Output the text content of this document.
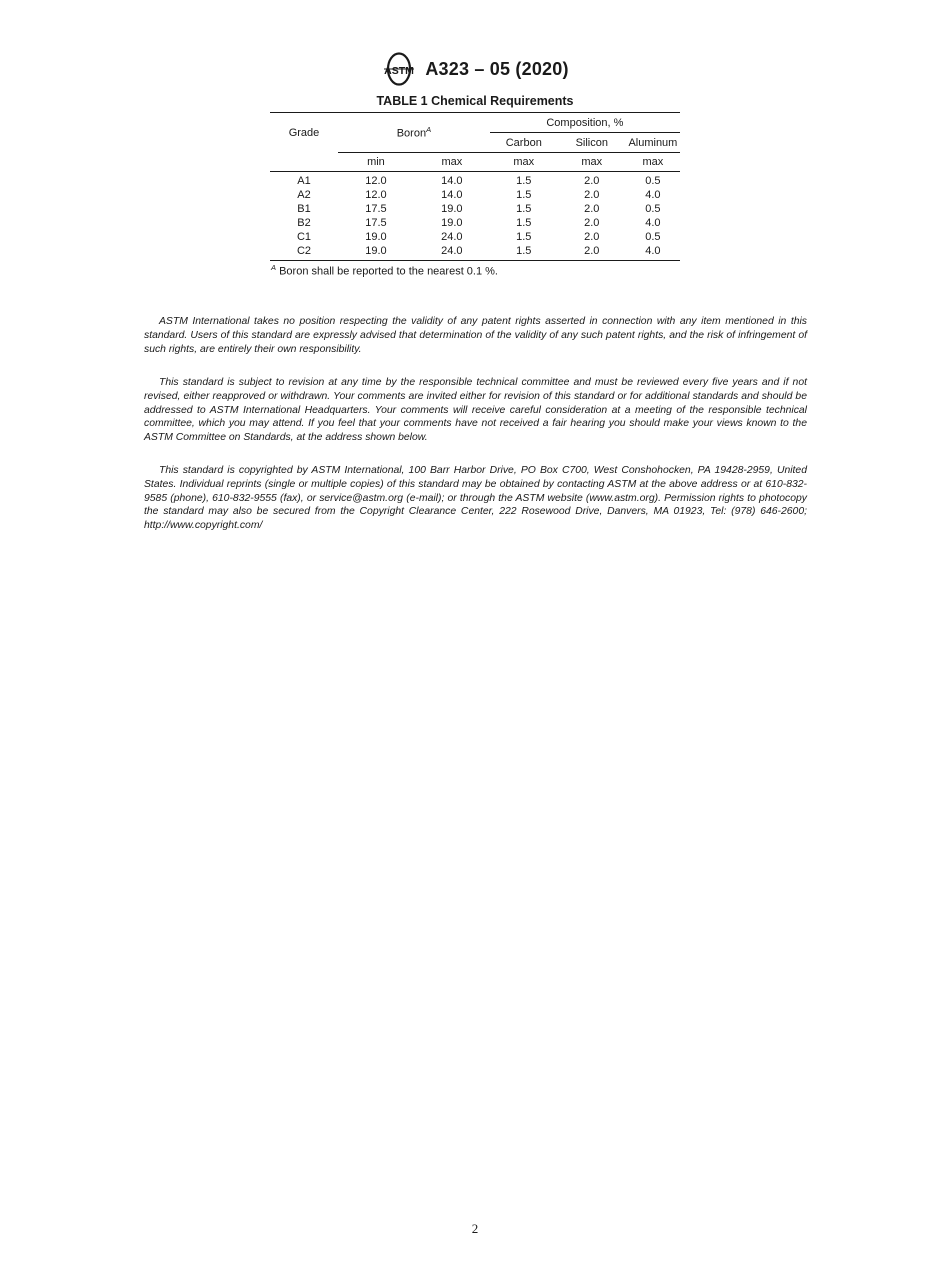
ASTM A323 – 05 (2020)
TABLE 1 Chemical Requirements
Grade	Boron$^A$		Composition, %		
			Carbon	Silicon	Aluminum
	min	max	max	max	max
A1	12.0	14.0	1.5	2.0	0.5
A2	12.0	14.0	1.5	2.0	4.0
B1	17.5	19.0	1.5	2.0	0.5
B2	17.5	19.0	1.5	2.0	4.0
C1	19.0	24.0	1.5	2.0	0.5
C2	19.0	24.0	1.5	2.0	4.0
$^A$ Boron shall be reported to the nearest 0.1 %.

ASTM International takes no position respecting the validity of any patent rights asserted in connection with any item mentioned in this standard. Users of this standard are expressly advised that determination of the validity of any such patent rights, and the risk of infringement of such rights, are entirely their own responsibility.

This standard is subject to revision at any time by the responsible technical committee and must be reviewed every five years and if not revised, either reapproved or withdrawn. Your comments are invited either for revision of this standard or for additional standards and should be addressed to ASTM International Headquarters. Your comments will receive careful consideration at a meeting of the responsible technical committee, which you may attend. If you feel that your comments have not received a fair hearing you should make your views known to the ASTM Committee on Standards, at the address shown below.

This standard is copyrighted by ASTM International, 100 Barr Harbor Drive, PO Box C700, West Conshohocken, PA 19428-2959, United States. Individual reprints (single or multiple copies) of this standard may be obtained by contacting ASTM at the above address or at 610-832-9585 (phone), 610-832-9555 (fax), or service@astm.org (e-mail); or through the ASTM website (www.astm.org). Permission rights to photocopy the standard may also be secured from the Copyright Clearance Center, 222 Rosewood Drive, Danvers, MA 01923, Tel: (978) 646-2600; http://www.copyright.com/

2
